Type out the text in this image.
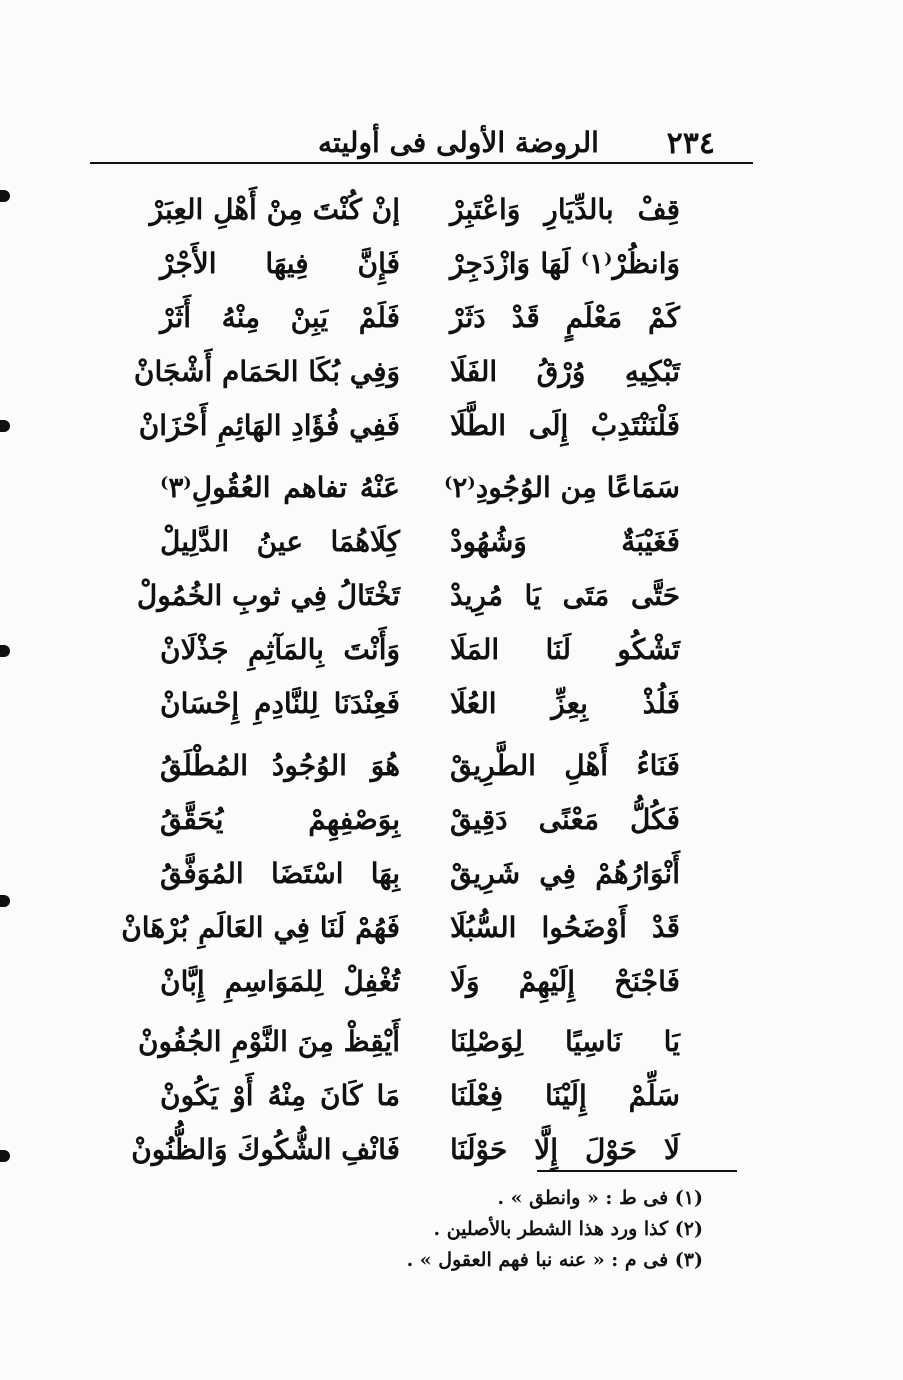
٢٣٤
الروضة الأولى فى أوليته
قِفْ بالدِّيَارِ وَاعْتَبِرْ
إنْ كُنْتَ مِنْ أَهْلِ العِبَرْ
وَانظُرْ⁽١⁾ لَهَا وَازْدَجِرْ
فَإِنَّ فِيهَا الأَجْرْ
كَمْ مَعْلَمٍ قَدْ دَثَرْ
فَلَمْ يَبِنْ مِنْهُ أَثَرْ
تَبْكِيهِ وُرْقُ الفَلَا
وَفِي بُكَا الحَمَام أَشْجَانْ
فَلْنَنْتَدِبْ إِلَى الطَّلَا
فَفِي فُؤَادِ الهَائِمِ أَحْزَانْ
سَمَاعًا مِن الوُجُودِ⁽٢⁾
عَنْهُ تفاهم العُقُولِ⁽٣⁾
فَغَيْبَةٌ وَشُهُودْ
كِلَاهُمَا عينُ الدَّلِيلْ
حَتَّى مَتَى يَا مُرِيدْ
تَخْتَالُ فِي ثوبِ الخُمُولْ
تَشْكُو لَنَا المَلَا
وَأَنْتَ بِالمَآثِمِ جَذْلَانْ
فَلُذْ بِعِزِّ العُلَا
فَعِنْدَنَا لِلنَّادِمِ إِحْسَانْ
فَنَاءُ أَهْلِ الطَّرِيقْ
هُوَ الوُجُودُ المُطْلَقُ
فَكُلُّ مَعْنًى دَقِيقْ
بِوَصْفِهِمْ يُحَقَّقُ
أَنْوَارُهُمْ فِي شَرِيقْ
بِهَا اسْتَضَا المُوَفَّقُ
قَدْ أَوْضَحُوا السُّبُلَا
فَهُمْ لَنَا فِي العَالَمِ بُرْهَانْ
فَاجْنَحْ إِلَيْهِمْ وَلَا
تُغْفِلْ لِلمَوَاسِمِ إِبَّانْ
يَا نَاسِيًا لِوَصْلِنَا
أَيْقِظْ مِنَ النَّوْمِ الجُفُونْ
سَلِّمْ إِلَيْنَا فِعْلَنَا
مَا كَانَ مِنْهُ أَوْ يَكُونْ
لَا حَوْلَ إِلَّا حَوْلَنَا
فَانْفِ الشُّكُوكَ وَالظُّنُونْ
(١) فى ط : « وانطق » .
(٢) كذا ورد هذا الشطر بالأصلين .
(٣) فى م : « عنه نبا فهم العقول » .
